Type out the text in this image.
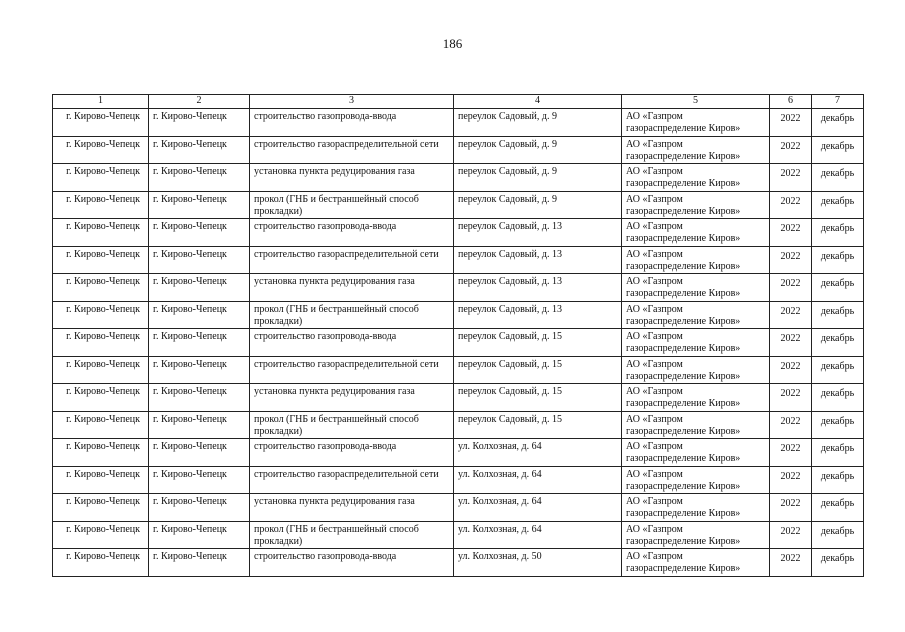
186
1	2	3	4	5	6	7
г. Кирово-Чепецк	г. Кирово-Чепецк	строительство газопровода-ввода	переулок Садовый, д. 9	АО «Газпром газораспределение Киров»	2022	декабрь
г. Кирово-Чепецк	г. Кирово-Чепецк	строительство газораспределительной сети	переулок Садовый, д. 9	АО «Газпром газораспределение Киров»	2022	декабрь
г. Кирово-Чепецк	г. Кирово-Чепецк	установка пункта редуцирования газа	переулок Садовый, д. 9	АО «Газпром газораспределение Киров»	2022	декабрь
г. Кирово-Чепецк	г. Кирово-Чепецк	прокол (ГНБ и бестраншейный способ прокладки)	переулок Садовый, д. 9	АО «Газпром газораспределение Киров»	2022	декабрь
г. Кирово-Чепецк	г. Кирово-Чепецк	строительство газопровода-ввода	переулок Садовый, д. 13	АО «Газпром газораспределение Киров»	2022	декабрь
г. Кирово-Чепецк	г. Кирово-Чепецк	строительство газораспределительной сети	переулок Садовый, д. 13	АО «Газпром газораспределение Киров»	2022	декабрь
г. Кирово-Чепецк	г. Кирово-Чепецк	установка пункта редуцирования газа	переулок Садовый, д. 13	АО «Газпром газораспределение Киров»	2022	декабрь
г. Кирово-Чепецк	г. Кирово-Чепецк	прокол (ГНБ и бестраншейный способ прокладки)	переулок Садовый, д. 13	АО «Газпром газораспределение Киров»	2022	декабрь
г. Кирово-Чепецк	г. Кирово-Чепецк	строительство газопровода-ввода	переулок Садовый, д. 15	АО «Газпром газораспределение Киров»	2022	декабрь
г. Кирово-Чепецк	г. Кирово-Чепецк	строительство газораспределительной сети	переулок Садовый, д. 15	АО «Газпром газораспределение Киров»	2022	декабрь
г. Кирово-Чепецк	г. Кирово-Чепецк	установка пункта редуцирования газа	переулок Садовый, д. 15	АО «Газпром газораспределение Киров»	2022	декабрь
г. Кирово-Чепецк	г. Кирово-Чепецк	прокол (ГНБ и бестраншейный способ прокладки)	переулок Садовый, д. 15	АО «Газпром газораспределение Киров»	2022	декабрь
г. Кирово-Чепецк	г. Кирово-Чепецк	строительство газопровода-ввода	ул. Колхозная, д. 64	АО «Газпром газораспределение Киров»	2022	декабрь
г. Кирово-Чепецк	г. Кирово-Чепецк	строительство газораспределительной сети	ул. Колхозная, д. 64	АО «Газпром газораспределение Киров»	2022	декабрь
г. Кирово-Чепецк	г. Кирово-Чепецк	установка пункта редуцирования газа	ул. Колхозная, д. 64	АО «Газпром газораспределение Киров»	2022	декабрь
г. Кирово-Чепецк	г. Кирово-Чепецк	прокол (ГНБ и бестраншейный способ прокладки)	ул. Колхозная, д. 64	АО «Газпром газораспределение Киров»	2022	декабрь
г. Кирово-Чепецк	г. Кирово-Чепецк	строительство газопровода-ввода	ул. Колхозная, д. 50	АО «Газпром газораспределение Киров»	2022	декабрь
